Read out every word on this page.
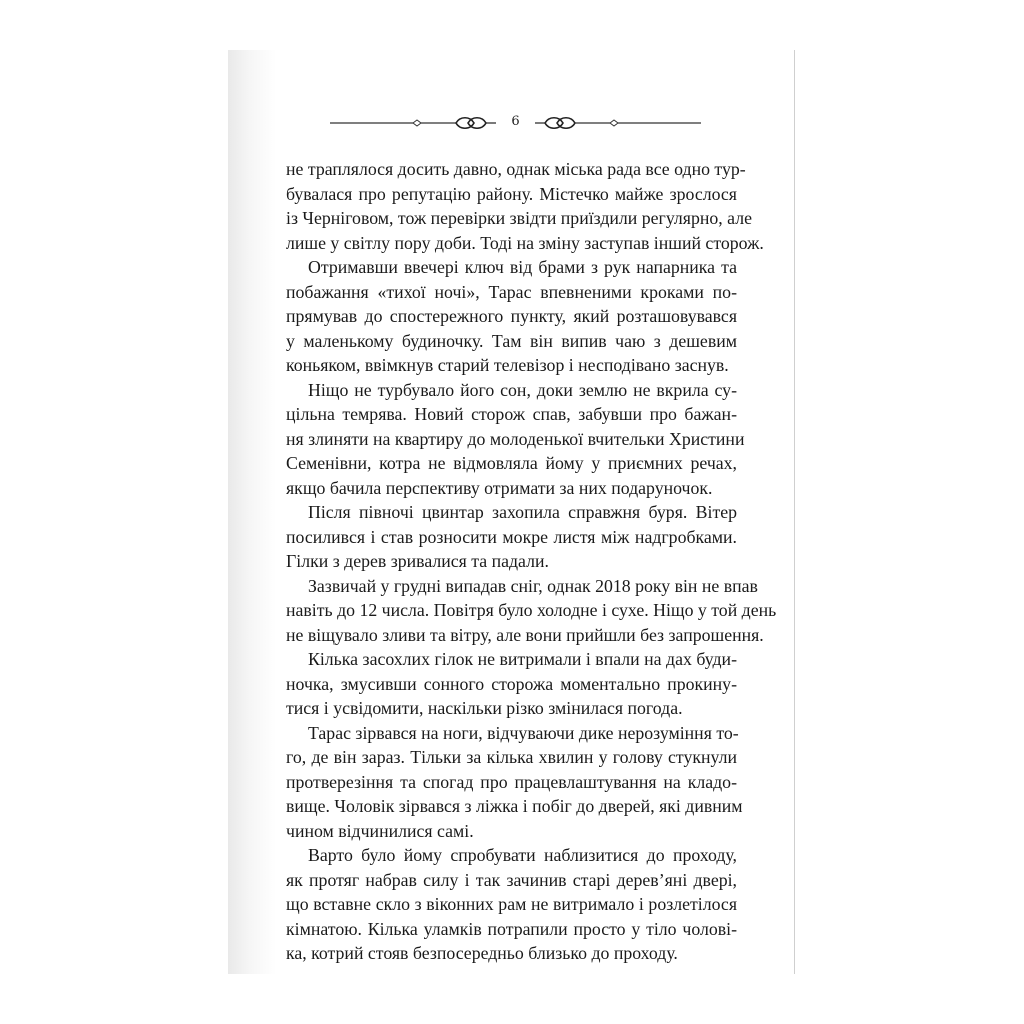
6

не траплялося досить давно, однак міська рада все одно тур-
бувалася про репутацію району. Містечко майже зрослося
із Черніговом, тож перевірки звідти приїздили регулярно, але
лише у світлу пору доби. Тоді на зміну заступав інший сторож.

Отримавши ввечері ключ від брами з рук напарника та
побажання «тихої ночі», Тарас впевненими кроками по-
прямував до спостережного пункту, який розташовувався
у маленькому будиночку. Там він випив чаю з дешевим
коньяком, ввімкнув старий телевізор і несподівано заснув.

Ніщо не турбувало його сон, доки землю не вкрила су-
цільна темрява. Новий сторож спав, забувши про бажан-
ня злиняти на квартиру до молоденької вчительки Христини
Семенівни, котра не відмовляла йому у приємних речах,
якщо бачила перспективу отримати за них подаруночок.

Після півночі цвинтар захопила справжня буря. Вітер
посилився і став розносити мокре листя між надгробками.
Гілки з дерев зривалися та падали.

Зазвичай у грудні випадав сніг, однак 2018 року він не впав
навіть до 12 числа. Повітря було холодне і сухе. Ніщо у той день
не віщувало зливи та вітру, але вони прийшли без запрошення.

Кілька засохлих гілок не витримали і впали на дах буди-
ночка, змусивши сонного сторожа моментально прокину-
тися і усвідомити, наскільки різко змінилася погода.

Тарас зірвався на ноги, відчуваючи дике нерозуміння то-
го, де він зараз. Тільки за кілька хвилин у голову стукнули
протверезіння та спогад про працевлаштування на кладо-
вище. Чоловік зірвався з ліжка і побіг до дверей, які дивним
чином відчинилися самі.

Варто було йому спробувати наблизитися до проходу,
як протяг набрав силу і так зачинив старі дерев’яні двері,
що вставне скло з віконних рам не витримало і розлетілося
кімнатою. Кілька уламків потрапили просто у тіло чолові-
ка, котрий стояв безпосередньо близько до проходу.
